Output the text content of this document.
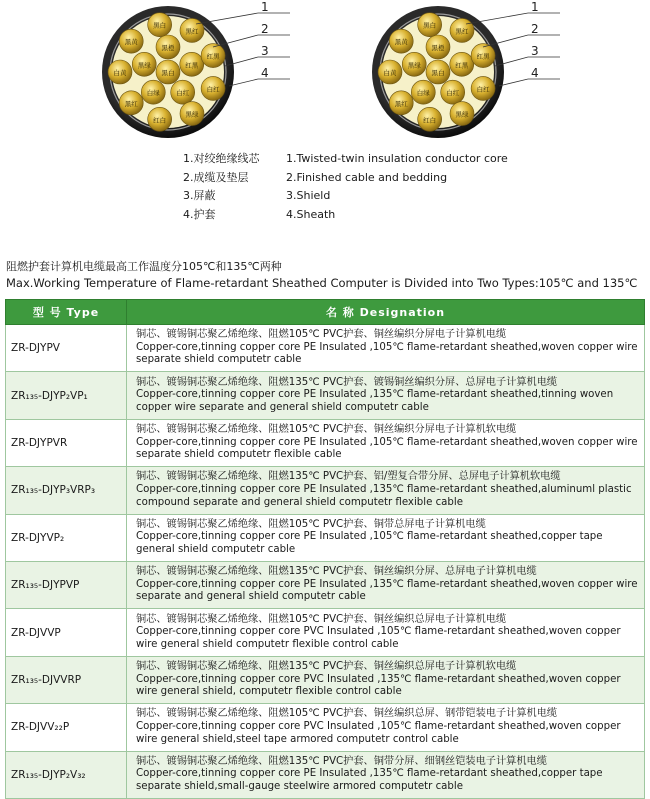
黑白
黑橙
红黑
白红
白绿
黑绿
黑白
黑红
红黑
白红
黑绿
红白
黑红
白黄
黑黄
黑白
黑橙
红黑
白红
白绿
黑绿
黑白
黑红
红黑
白红
黑绿
红白
黑红
白黄
黑黄
1
2
3
4
1
2
3
4
1.对绞绝缘线芯
2.成缆及垫层
3.屏蔽
4.护套
1.Twisted-twin insulation conductor core
2.Finished cable and bedding
3.Shield
4.Sheath
阻燃护套计算机电缆最高工作温度分105℃和135℃两种
Max.Working Temperature of Flame-retardant Sheathed Computer is Divided into Two Types:105℃ and 135℃
型 号 Type	名 称 Designation
ZR-DJYPV	铜芯、镀锡铜芯聚乙烯绝缘、阻燃105℃ PVC护套、铜丝编织分屏电子计算机电缆
Copper-core,tinning copper core PE Insulated ,105℃ flame-retardant sheathed,woven copper wire separate shield computetr cable

ZR₁₃₅-DJYP₂VP₁	铜芯、镀锡铜芯聚乙烯绝缘、阻燃135℃ PVC护套、镀锡铜丝编织分屏、总屏电子计算机电缆
Copper-core,tinning copper core PE Insulated ,135℃ flame-retardant sheathed,tinning woven copper wire separate and general shield computetr cable

ZR-DJYPVR	铜芯、镀锡铜芯聚乙烯绝缘、阻燃105℃ PVC护套、铜丝编织分屏电子计算机软电缆
Copper-core,tinning copper core PE Insulated ,105℃ flame-retardant sheathed,woven copper wire separate shield computetr flexible cable

ZR₁₃₅-DJYP₃VRP₃	铜芯、镀锡铜芯聚乙烯绝缘、阻燃135℃ PVC护套、铝/塑复合带分屏、总屏电子计算机软电缆
Copper-core,tinning copper core PE Insulated ,135℃ flame-retardant sheathed,aluminuml plastic compound separate and general shield computetr flexible cable

ZR-DJYVP₂	铜芯、镀锡铜芯聚乙烯绝缘、阻燃105℃ PVC护套、铜带总屏电子计算机电缆
Copper-core,tinning copper core PE Insulated ,105℃ flame-retardant sheathed,copper tape general shield computetr cable

ZR₁₃₅-DJYPVP	铜芯、镀锡铜芯聚乙烯绝缘、阻燃135℃ PVC护套、铜丝编织分屏、总屏电子计算机电缆
Copper-core,tinning copper core PE Insulated ,135℃ flame-retardant sheathed,woven copper wire separate and general shield computetr cable

ZR-DJVVP	铜芯、镀锡铜芯聚乙烯绝缘、阻燃105℃ PVC护套、铜丝编织总屏电子计算机电缆
Copper-core,tinning copper core PVC Insulated ,105℃ flame-retardant sheathed,woven copper wire general shield computetr flexible control cable

ZR₁₃₅-DJVVRP	铜芯、镀锡铜芯聚乙烯绝缘、阻燃135℃ PVC护套、铜丝编织总屏电子计算机软电缆
Copper-core,tinning copper core PVC Insulated ,135℃ flame-retardant sheathed,woven copper wire general shield, computetr flexible control cable

ZR-DJVV₂₂P	铜芯、镀锡铜芯聚乙烯绝缘、阻燃105℃ PVC护套、铜丝编织总屏、钢带铠装电子计算机电缆
Copper-core,tinning copper core PVC Insulated ,105℃ flame-retardant sheathed,woven copper wire general shield,steel tape armored computetr control cable

ZR₁₃₅-DJYP₂V₃₂	铜芯、镀锡铜芯聚乙烯绝缘、阻燃135℃ PVC护套、铜带分屏、细钢丝铠装电子计算机电缆
Copper-core,tinning copper core PE Insulated ,135℃ flame-retardant sheathed,copper tape separate shield,small-gauge steelwire armored computetr cable
